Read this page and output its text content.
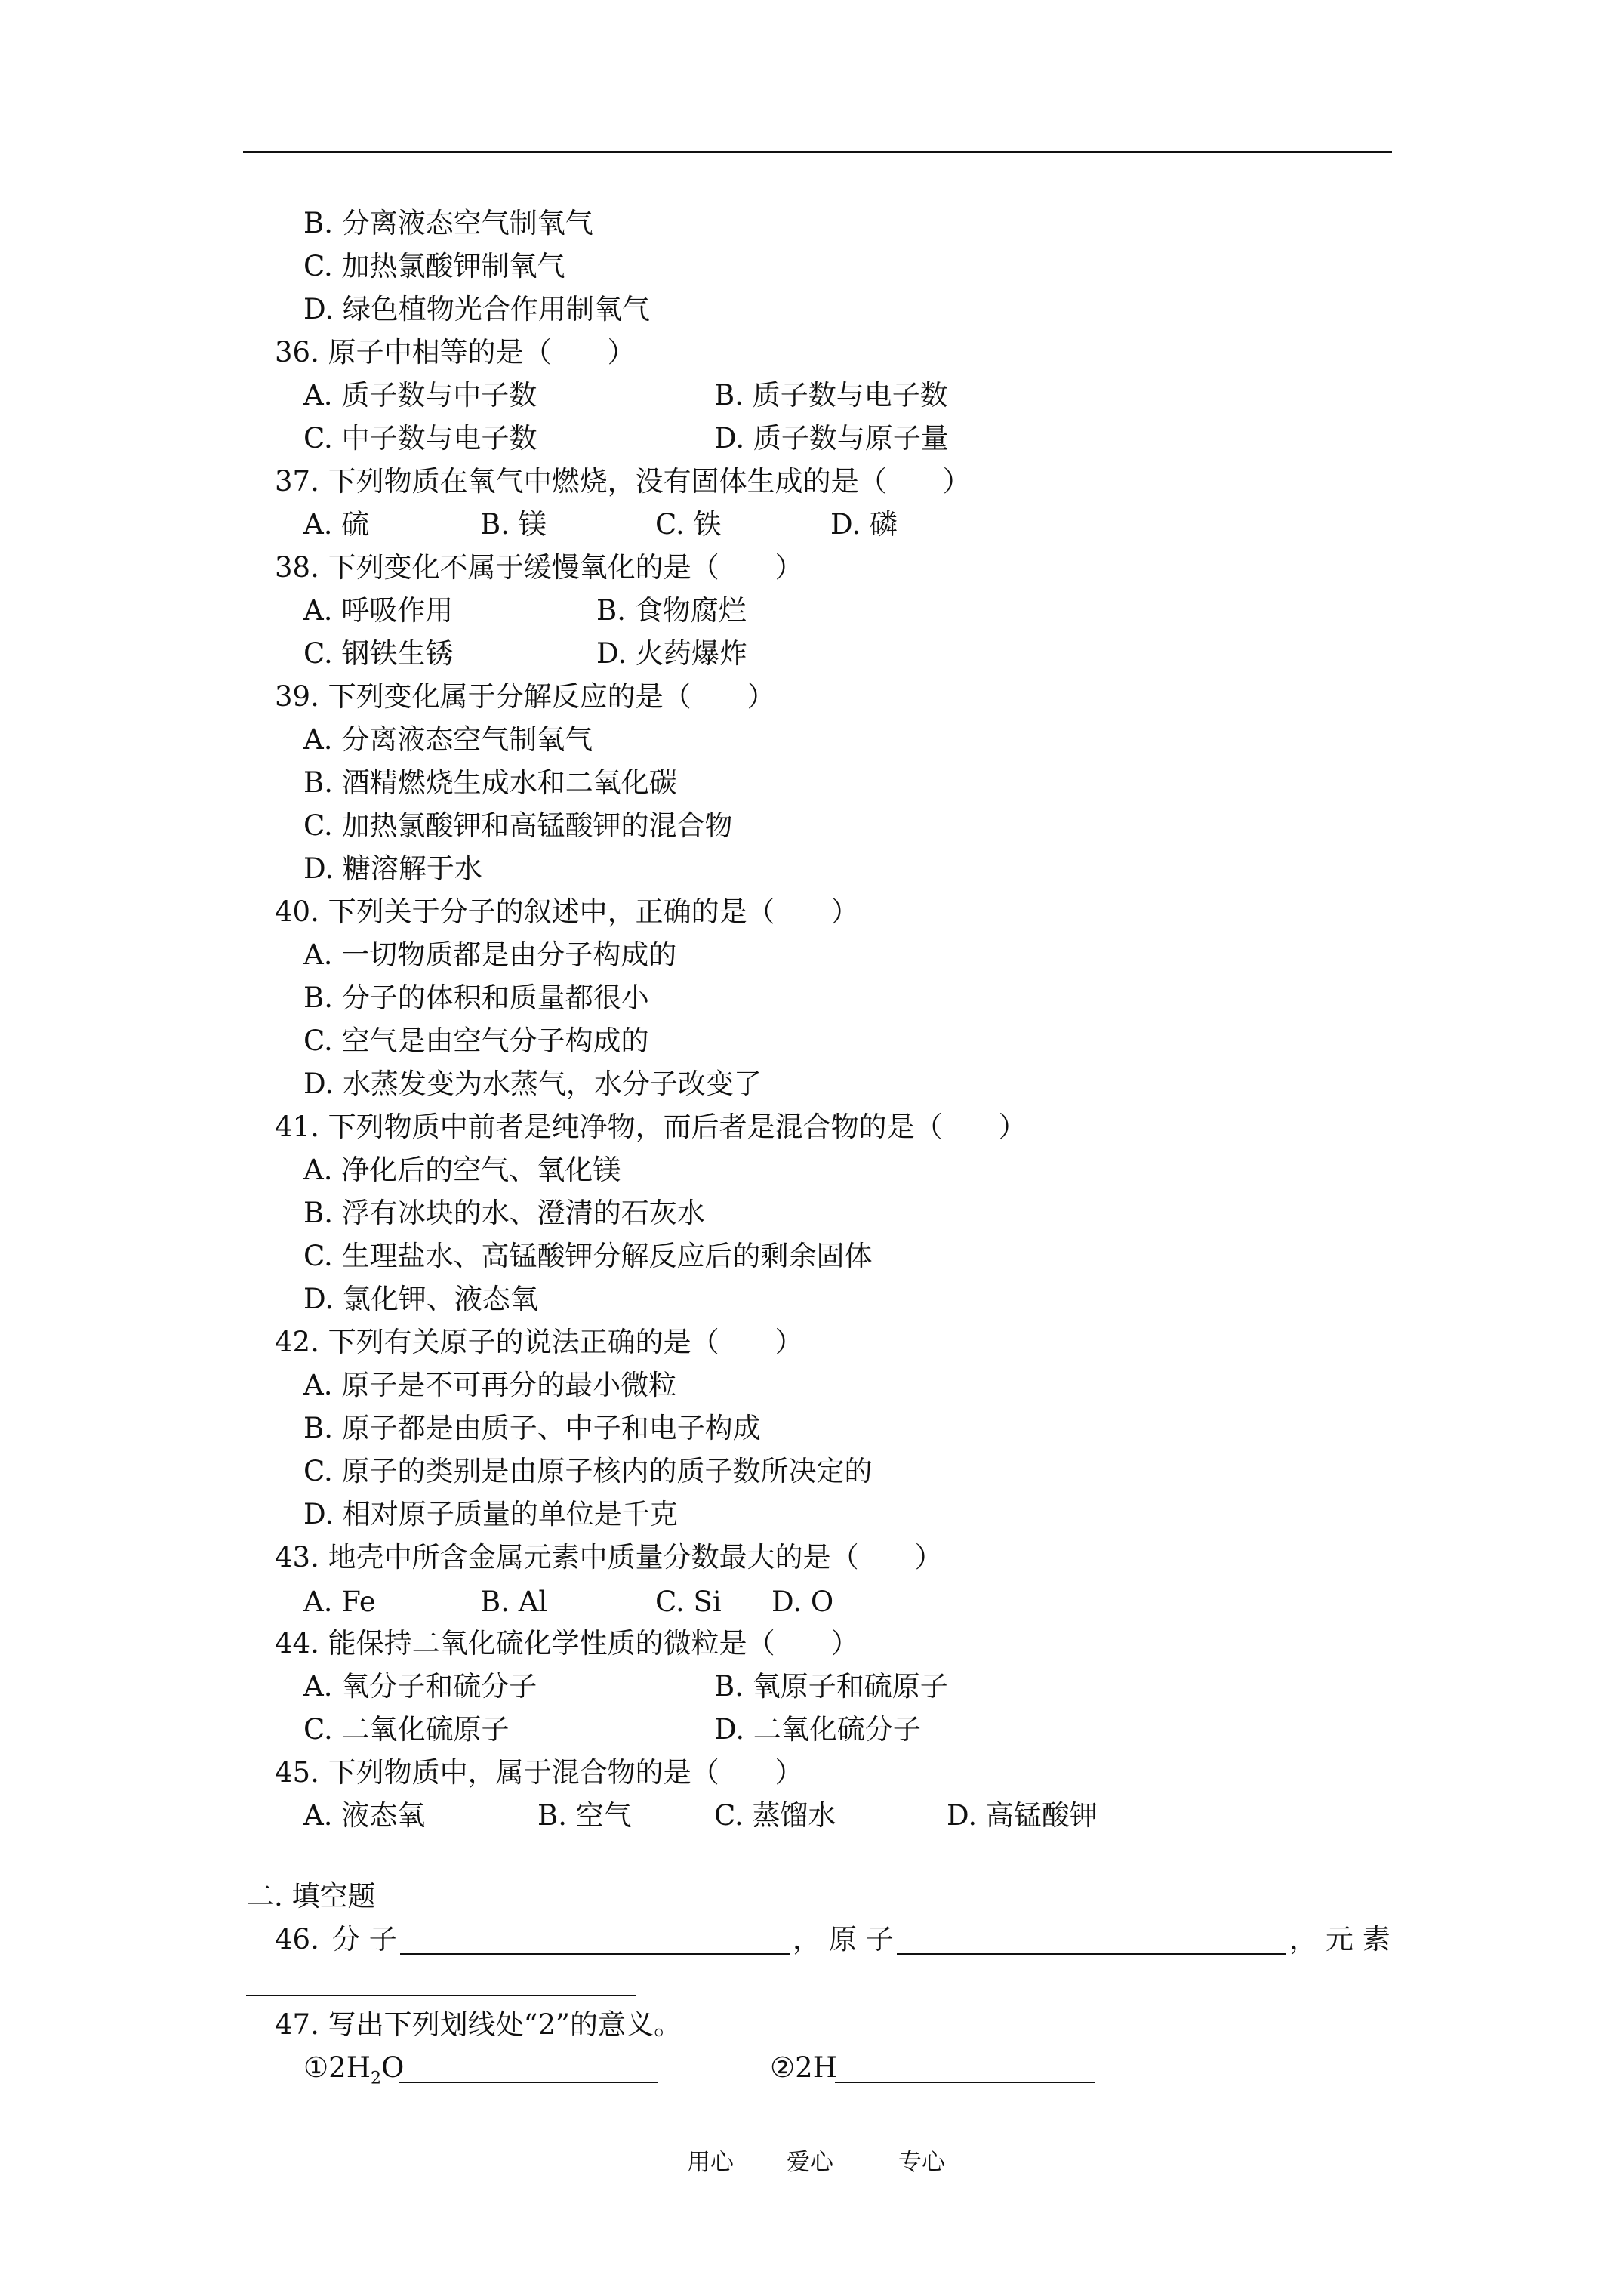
B. 分离液态空气制氧气
C. 加热氯酸钾制氧气
D. 绿色植物光合作用制氧气
36. 原子中相等的是（　　）
A. 质子数与中子数	B. 质子数与电子数
C. 中子数与电子数	D. 质子数与原子量
37. 下列物质在氧气中燃烧，没有固体生成的是（　　）
A. 硫	B. 镁	C. 铁	D. 磷
38. 下列变化不属于缓慢氧化的是（　　）
A. 呼吸作用	B. 食物腐烂
C. 钢铁生锈	D. 火药爆炸
39. 下列变化属于分解反应的是（　　）
A. 分离液态空气制氧气
B. 酒精燃烧生成水和二氧化碳
C. 加热氯酸钾和高锰酸钾的混合物
D. 糖溶解于水
40. 下列关于分子的叙述中，正确的是（　　）
A. 一切物质都是由分子构成的
B. 分子的体积和质量都很小
C. 空气是由空气分子构成的
D. 水蒸发变为水蒸气，水分子改变了
41. 下列物质中前者是纯净物，而后者是混合物的是（　　）
A. 净化后的空气、氧化镁
B. 浮有冰块的水、澄清的石灰水
C. 生理盐水、高锰酸钾分解反应后的剩余固体
D. 氯化钾、液态氧
42. 下列有关原子的说法正确的是（　　）
A. 原子是不可再分的最小微粒
B. 原子都是由质子、中子和电子构成
C. 原子的类别是由原子核内的质子数所决定的
D. 相对原子质量的单位是千克
43. 地壳中所含金属元素中质量分数最大的是（　　）
A. Fe	B. Al	C. Si D. O
44. 能保持二氧化硫化学性质的微粒是（　　）
A. 氧分子和硫分子	B. 氧原子和硫原子
C. 二氧化硫原子	D. 二氧化硫分子
45. 下列物质中，属于混合物的是（　　）
A. 液态氧	B. 空气	C. 蒸馏水	D. 高锰酸钾
二. 填空题
46. 分 子	， 原 子	， 元 素
47. 写出下列划线处“2”的意义。
$①2H_2O$	②2H
用心 爱心	专心
